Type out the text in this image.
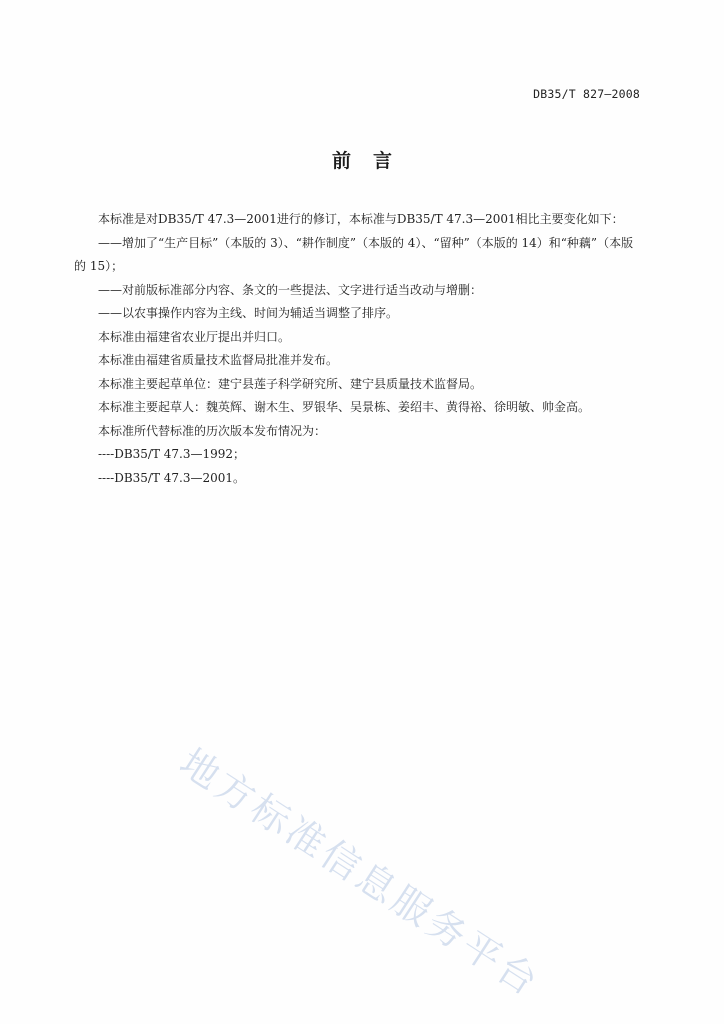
DB35/T 827—2008
前言

本标准是对DB35/T 47.3—2001进行的修订，本标准与DB35/T 47.3—2001相比主要变化如下：

——增加了“生产目标”（本版的 3）、“耕作制度”（本版的 4）、“留种”（本版的 14）和“种藕”（本版的 15）；

——对前版标准部分内容、条文的一些提法、文字进行适当改动与增删：

——以农事操作内容为主线、时间为辅适当调整了排序。

本标准由福建省农业厅提出并归口。

本标准由福建省质量技术监督局批准并发布。

本标准主要起草单位：建宁县莲子科学研究所、建宁县质量技术监督局。

本标准主要起草人：魏英辉、谢木生、罗银华、吴景栋、姜绍丰、黄得裕、徐明敏、帅金高。

本标准所代替标准的历次版本发布情况为：

----DB35/T 47.3—1992；

----DB35/T 47.3—2001。

地方标准信息服务平台
